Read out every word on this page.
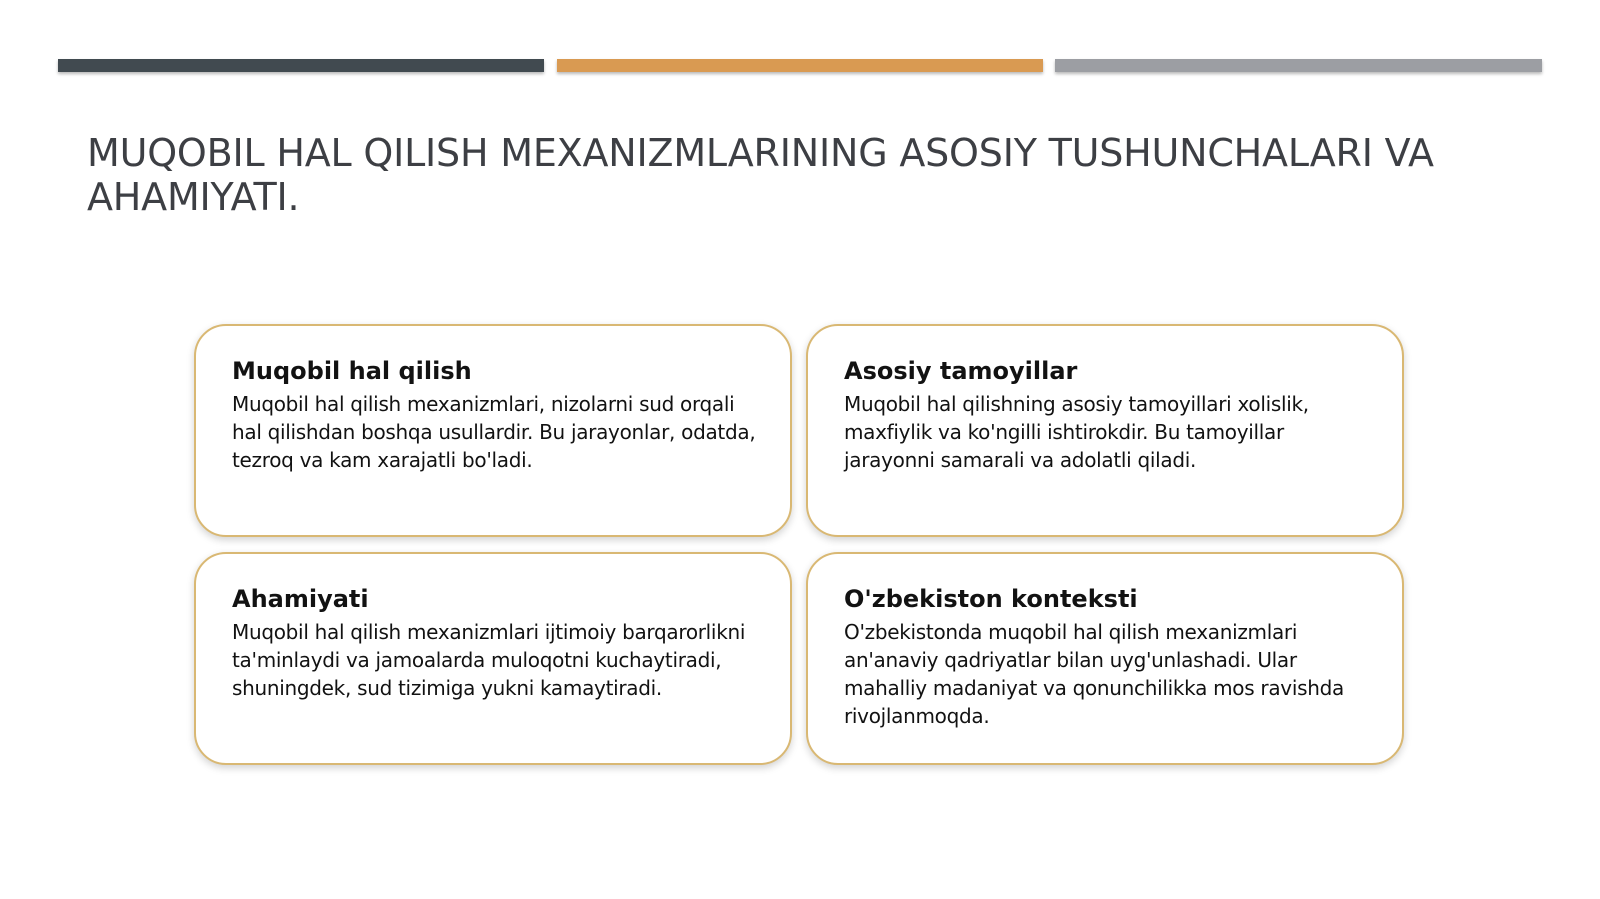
MUQOBIL HAL QILISH MEXANIZMLARINING ASOSIY TUSHUNCHALARI VA AHAMIYATI.
Muqobil hal qilish

Muqobil hal qilish mexanizmlari, nizolarni sud orqali hal qilishdan boshqa usullardir. Bu jarayonlar, odatda, tezroq va kam xarajatli bo'ladi.

Asosiy tamoyillar

Muqobil hal qilishning asosiy tamoyillari xolislik, maxfiylik va ko'ngilli ishtirokdir. Bu tamoyillar jarayonni samarali va adolatli qiladi.

Ahamiyati

Muqobil hal qilish mexanizmlari ijtimoiy barqarorlikni ta'minlaydi va jamoalarda muloqotni kuchaytiradi, shuningdek, sud tizimiga yukni kamaytiradi.

O'zbekiston konteksti

O'zbekistonda muqobil hal qilish mexanizmlari an'anaviy qadriyatlar bilan uyg'unlashadi. Ular mahalliy madaniyat va qonunchilikka mos ravishda rivojlanmoqda.
